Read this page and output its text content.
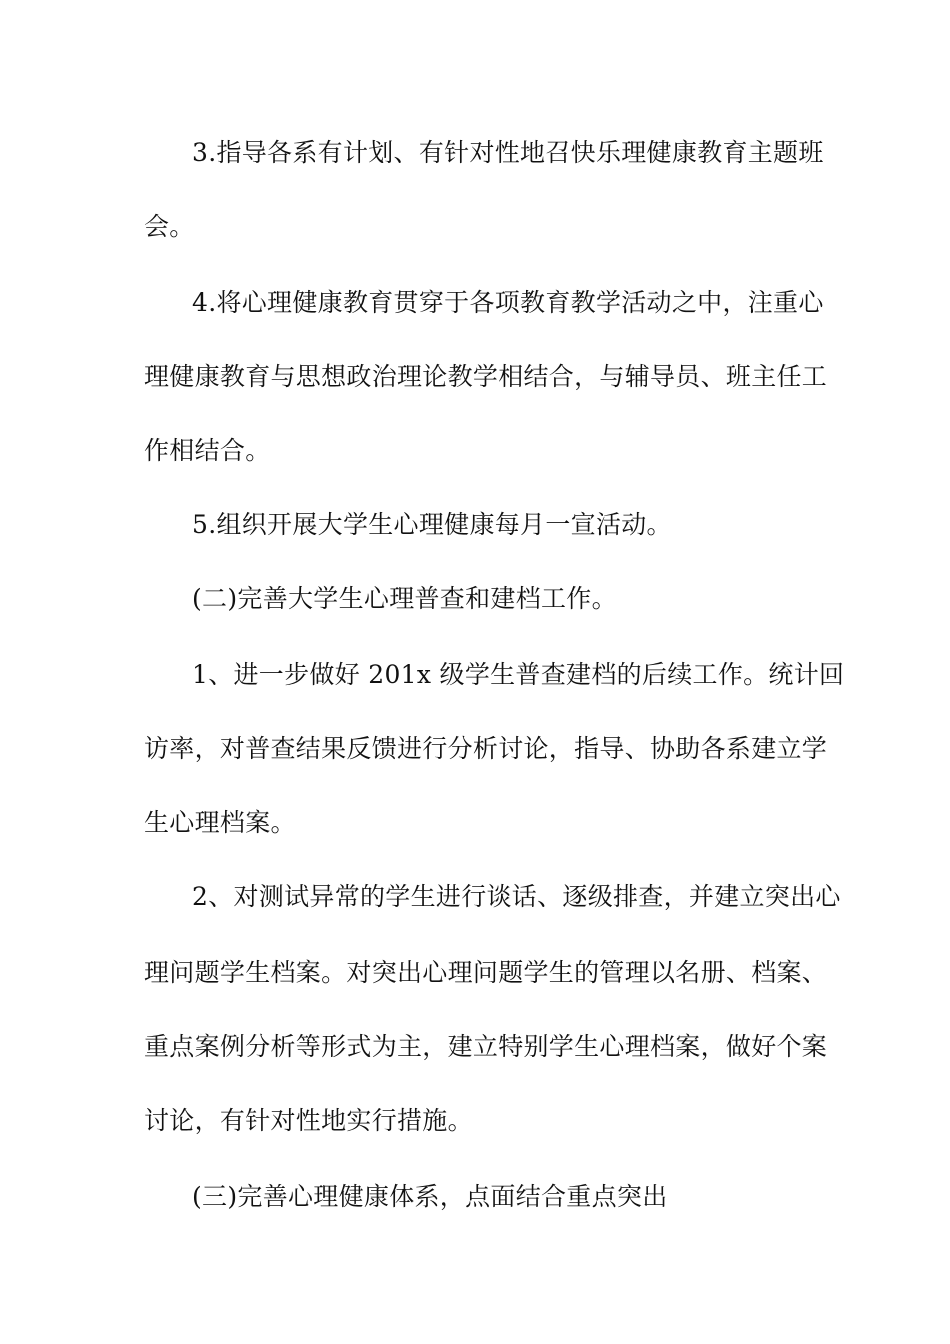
3.指导各系有计划、有针对性地召快乐理健康教育主题班
会。
4.将心理健康教育贯穿于各项教育教学活动之中，注重心
理健康教育与思想政治理论教学相结合，与辅导员、班主任工
作相结合。
5.组织开展大学生心理健康每月一宣活动。
(二)完善大学生心理普查和建档工作。
1、进一步做好 201x 级学生普查建档的后续工作。统计回
访率，对普查结果反馈进行分析讨论，指导、协助各系建立学
生心理档案。
2、对测试异常的学生进行谈话、逐级排查，并建立突出心
理问题学生档案。对突出心理问题学生的管理以名册、档案、
重点案例分析等形式为主，建立特别学生心理档案，做好个案
讨论，有针对性地实行措施。
(三)完善心理健康体系，点面结合重点突出
